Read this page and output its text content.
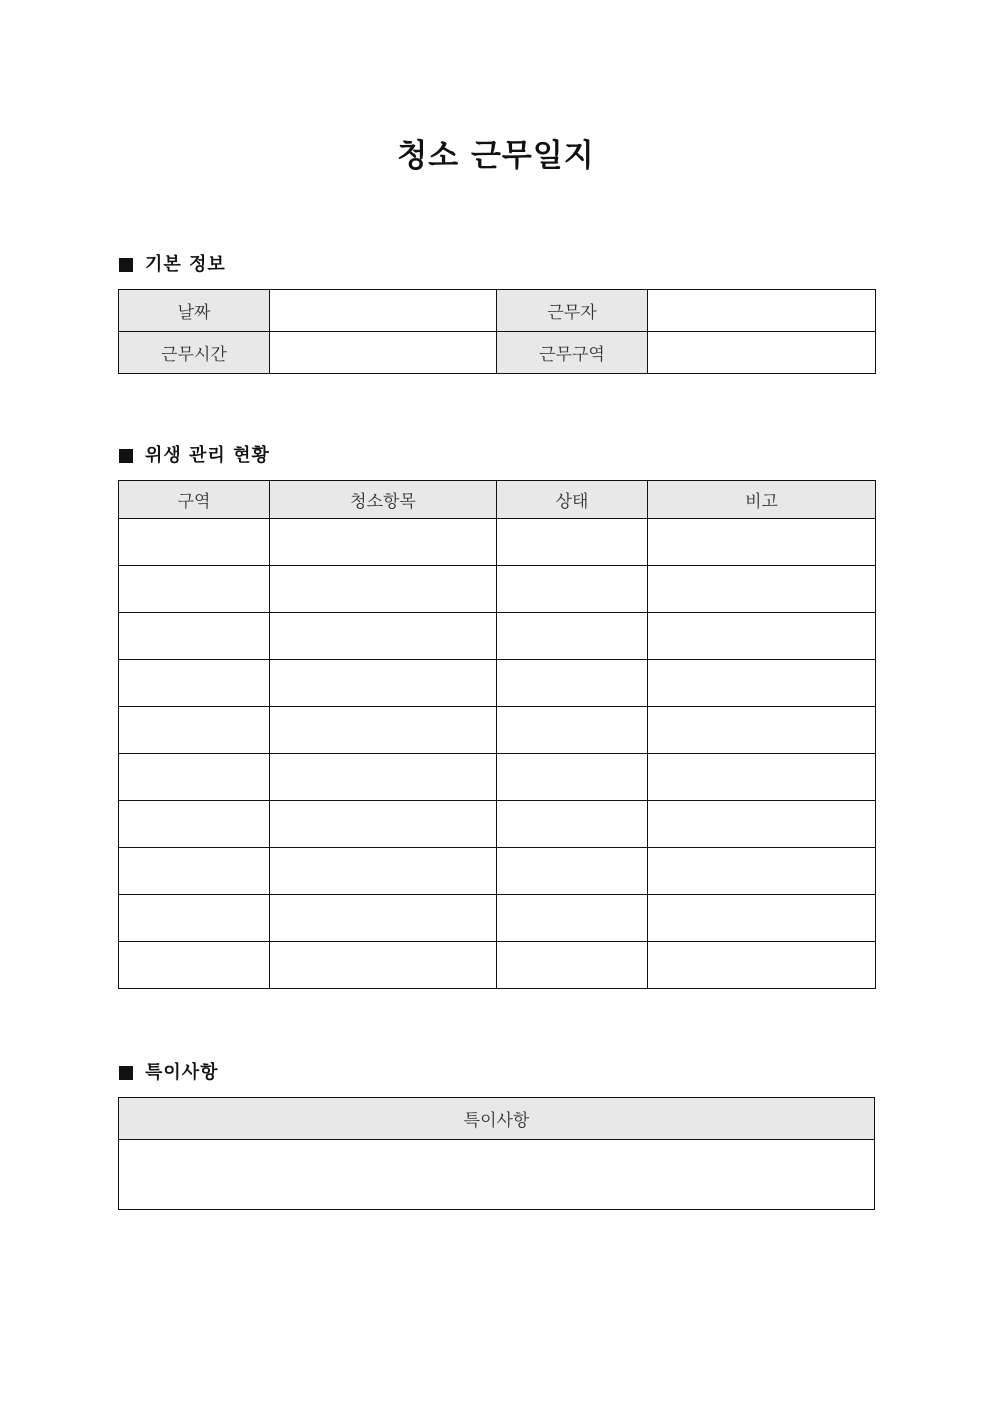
청소 근무일지
기본 정보
날짜		근무자	
근무시간		근무구역	
위생 관리 현황
구역	청소항목	상태	비고

특이사항
특이사항
